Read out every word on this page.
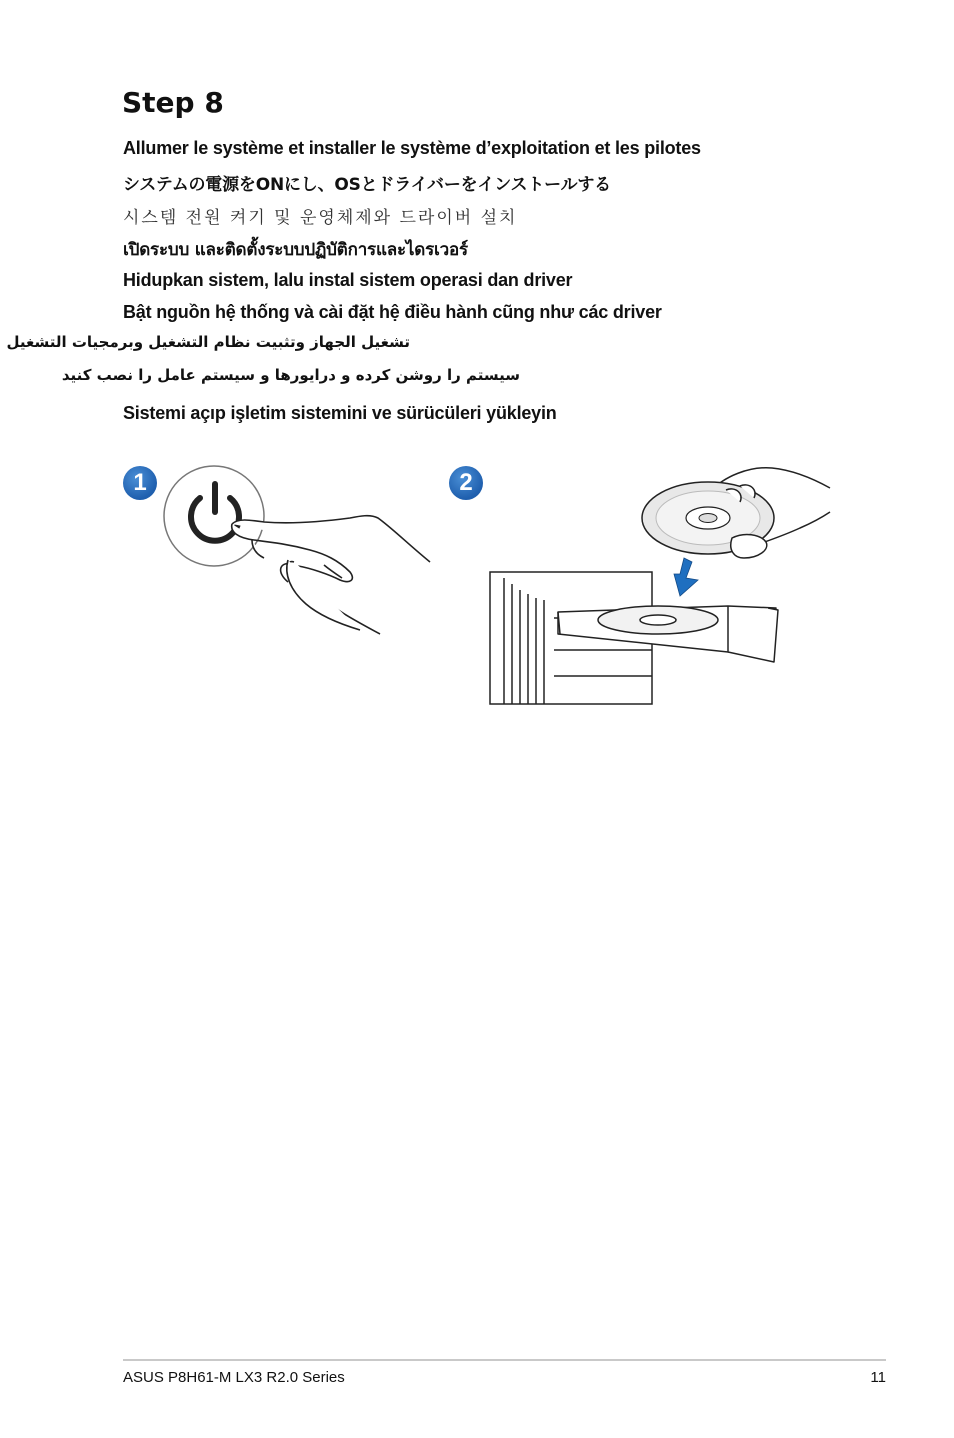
Step 8

Allumer le système et installer le système d’exploitation et les pilotes

システムの電源をONにし、OSとドライバーをインストールする

시스템 전원 켜기 및 운영체제와 드라이버 설치

เปิดระบบ และติดตั้งระบบปฏิบัติการและไดรเวอร์

Hidupkan sistem, lalu instal sistem operasi dan driver

Bật nguồn hệ thống và cài đặt hệ điều hành cũng như các driver

تشغيل الجهاز وتثبيت نظام التشغيل وبرمجيات التشغيل

سيستم را روشن کرده و درايورها و سيستم عامل را نصب کنيد

Sistemi açıp işletim sistemini ve sürücüleri yükleyin

1	2
ASUS P8H61-M LX3 R2.0 Series	11
